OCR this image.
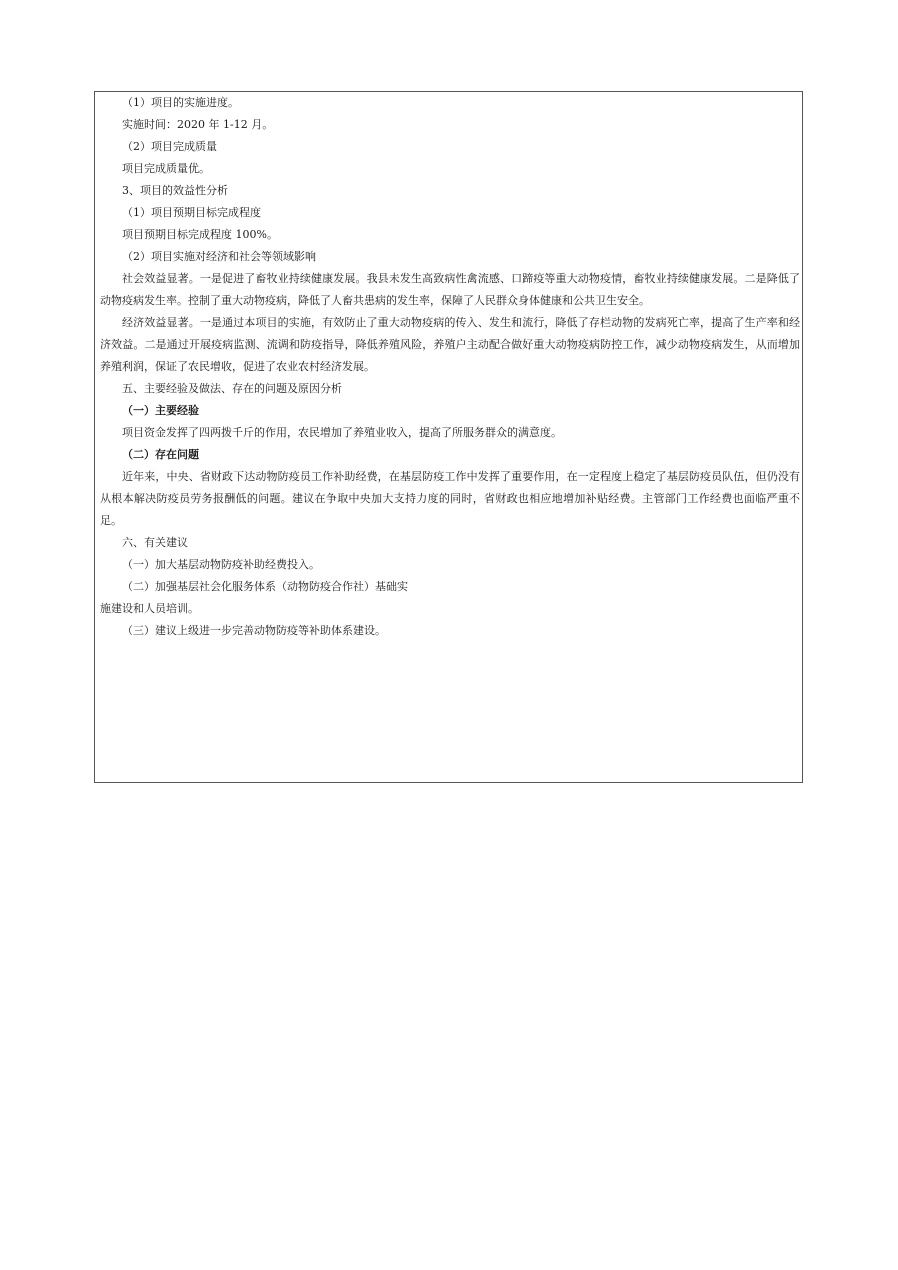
（1）项目的实施进度。
实施时间：2020 年 1-12 月。
（2）项目完成质量
项目完成质量优。
3、项目的效益性分析
（1）项目预期目标完成程度
项目预期目标完成程度 100%。
（2）项目实施对经济和社会等领域影响
社会效益显著。一是促进了畜牧业持续健康发展。我县未发生高致病性禽流感、口蹄疫等重大动物疫情，畜牧业持续健康发展。二是降低了动物疫病发生率。控制了重大动物疫病，降低了人畜共患病的发生率，保障了人民群众身体健康和公共卫生安全。
经济效益显著。一是通过本项目的实施，有效防止了重大动物疫病的传入、发生和流行，降低了存栏动物的发病死亡率，提高了生产率和经济效益。二是通过开展疫病监测、流调和防疫指导，降低养殖风险，养殖户主动配合做好重大动物疫病防控工作，减少动物疫病发生，从而增加养殖利润，保证了农民增收，促进了农业农村经济发展。
五、主要经验及做法、存在的问题及原因分析
（一）主要经验
项目资金发挥了四两拨千斤的作用，农民增加了养殖业收入，提高了所服务群众的满意度。
（二）存在问题
近年来，中央、省财政下达动物防疫员工作补助经费，在基层防疫工作中发挥了重要作用，在一定程度上稳定了基层防疫员队伍，但仍没有从根本解决防疫员劳务报酬低的问题。建议在争取中央加大支持力度的同时，省财政也相应地增加补贴经费。主管部门工作经费也面临严重不足。
六、有关建议
（一）加大基层动物防疫补助经费投入。
（二）加强基层社会化服务体系（动物防疫合作社）基础实
施建设和人员培训。
（三）建议上级进一步完善动物防疫等补助体系建设。
